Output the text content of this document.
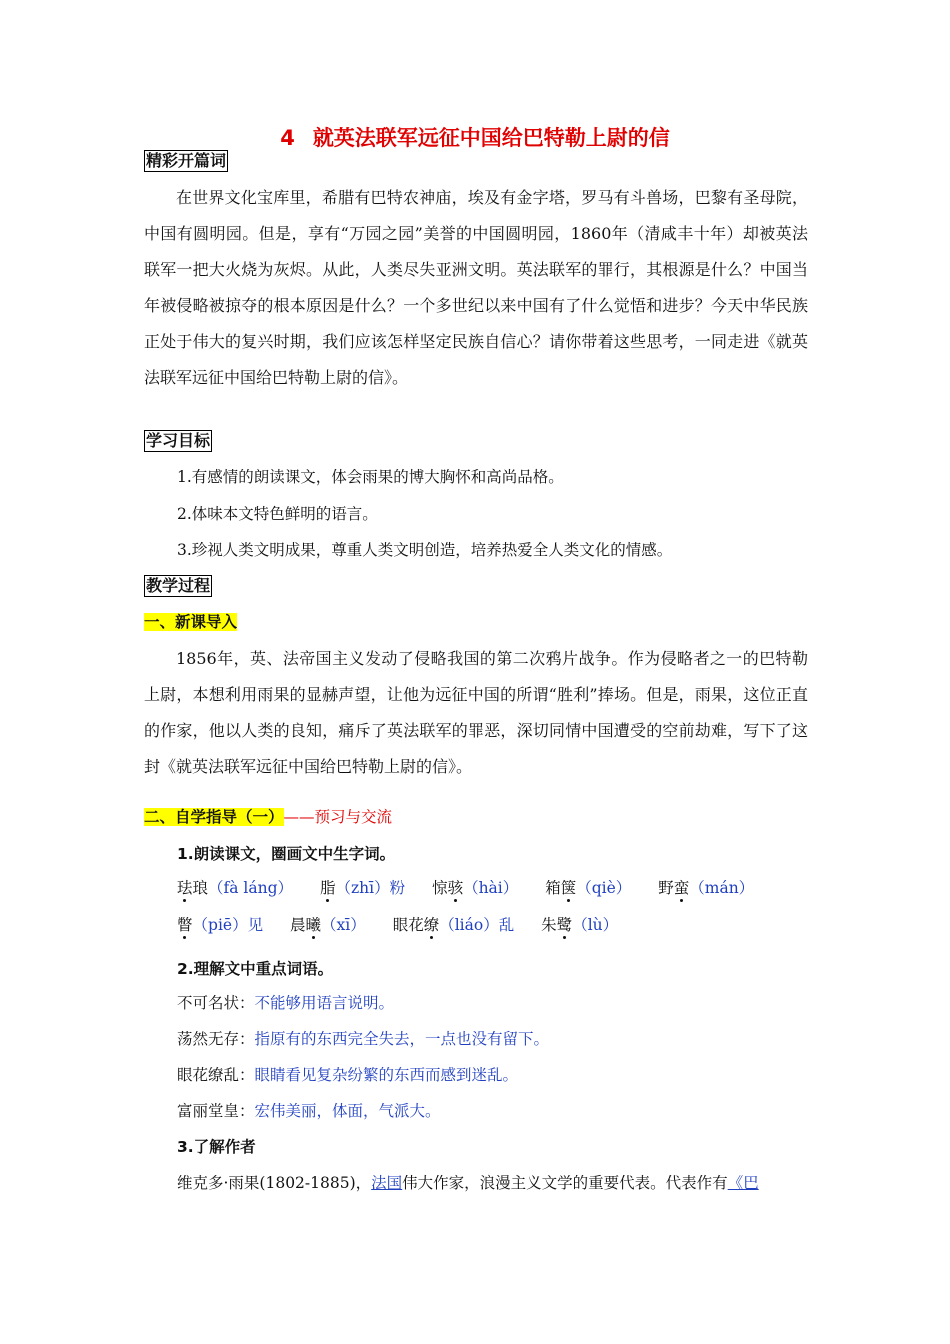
4 就英法联军远征中国给巴特勒上尉的信
精彩开篇词

在世界文化宝库里，希腊有巴特农神庙，埃及有金字塔，罗马有斗兽场，巴黎有圣母院，中国有圆明园。但是，享有“万园之园”美誉的中国圆明园，1860年（清咸丰十年）却被英法联军一把大火烧为灰烬。从此，人类尽失亚洲文明。英法联军的罪行，其根源是什么？中国当年被侵略被掠夺的根本原因是什么？一个多世纪以来中国有了什么觉悟和进步？今天中华民族正处于伟大的复兴时期，我们应该怎样坚定民族自信心？请你带着这些思考，一同走进《就英法联军远征中国给巴特勒上尉的信》。

学习目标
1.有感情的朗读课文，体会雨果的博大胸怀和高尚品格。
2.体味本文特色鲜明的语言。
3.珍视人类文明成果，尊重人类文明创造，培养热爱全人类文化的情感。
教学过程
一、新课导入

1856年，英、法帝国主义发动了侵略我国的第二次鸦片战争。作为侵略者之一的巴特勒上尉，本想利用雨果的显赫声望，让他为远征中国的所谓“胜利”捧场。但是，雨果，这位正直的作家，他以人类的良知，痛斥了英法联军的罪恶，深切同情中国遭受的空前劫难，写下了这封《就英法联军远征中国给巴特勒上尉的信》。

二、自学指导（一）——预习与交流
1.朗读课文，圈画文中生字词。
珐琅（fà láng） 脂（zhī）粉 惊骇（hài） 箱箧（qiè） 野蛮（mán）
瞥（piē）见 晨曦（xī） 眼花缭（liáo）乱 朱鹭（lù）
2.理解文中重点词语。
不可名状：不能够用语言说明。
荡然无存：指原有的东西完全失去，一点也没有留下。
眼花缭乱：眼睛看见复杂纷繁的东西而感到迷乱。
富丽堂皇：宏伟美丽，体面，气派大。
3.了解作者
维克多·雨果(1802-1885)，法国伟大作家，浪漫主义文学的重要代表。代表作有《巴
